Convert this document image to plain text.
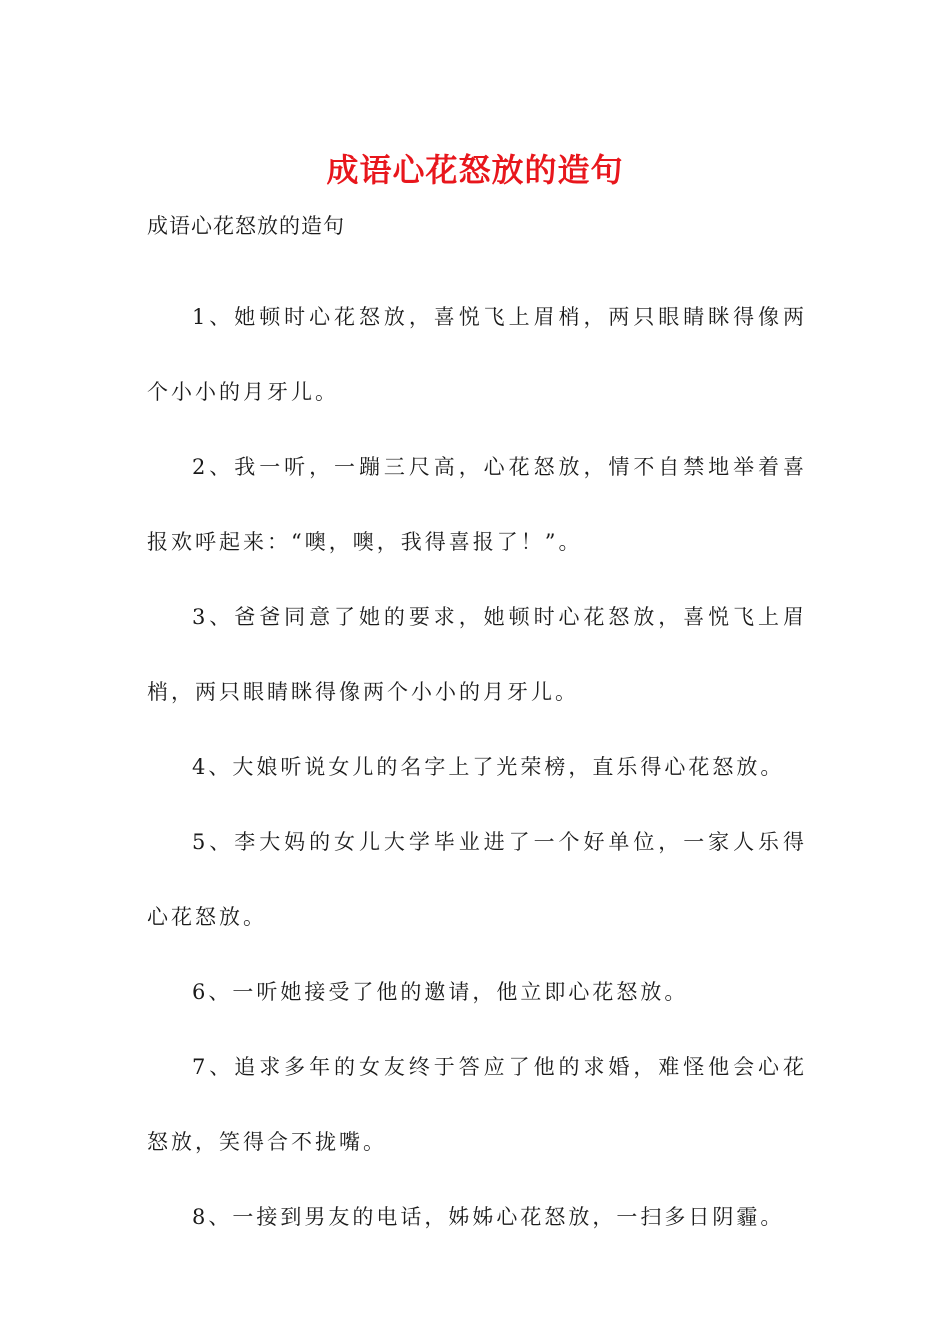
成语心花怒放的造句

成语心花怒放的造句

1、她顿时心花怒放，喜悦飞上眉梢，两只眼睛眯得像两个小小的月牙儿。
2、我一听，一蹦三尺高，心花怒放，情不自禁地举着喜报欢呼起来：“噢，噢，我得喜报了！”。
3、爸爸同意了她的要求，她顿时心花怒放，喜悦飞上眉梢，两只眼睛眯得像两个小小的月牙儿。
4、大娘听说女儿的名字上了光荣榜，直乐得心花怒放。
5、李大妈的女儿大学毕业进了一个好单位，一家人乐得心花怒放。
6、一听她接受了他的邀请，他立即心花怒放。
7、追求多年的女友终于答应了他的求婚，难怪他会心花怒放，笑得合不拢嘴。
8、一接到男友的电话，姊姊心花怒放，一扫多日阴霾。
